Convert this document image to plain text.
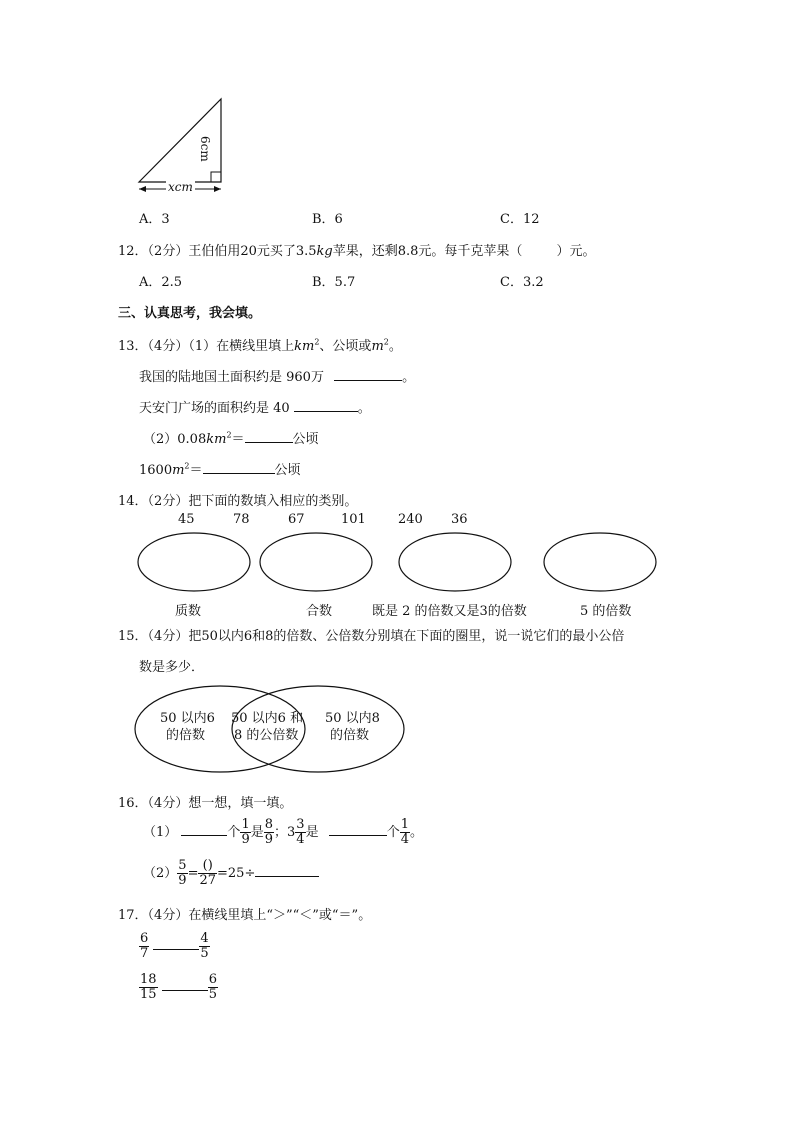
xcm
6cm
A．3	B．6	C．12
12．（2分）王伯伯用20元买了3.5kg苹果，还剩8.8元。每千克苹果（	）元。
A．2.5	B．5.7	C．3.2
三、认真思考，我会填。
13．（4分）（1）在横线里填上$km^2$、公顷或$m^2$。
我国的陆地国土面积约是 960万	。
天安门广场的面积约是 40	。
$(2)0.08km^2=$	公顷
$1600m^2=$	公顷
14．（2分）把下面的数填入相应的类别。
45	78	67	101 240 36
质数	合数	既是 2 的倍数又是3的倍数	5 的倍数
15．（4分）把50以内6和8的倍数、公倍数分别填在下面的圈里，说一说它们的最小公倍
数是多少．
50 以内6
的倍数
50 以内6 和
8 的公倍数
50 以内8
的倍数
16．（4分）想一想，填一填。
（1）	个 $\frac{1}{9}$ 是 $\frac{8}{9}$ ；$3 \frac{3}{4}$ 是	个 $\frac{1}{4}$ 。
$(2) \frac{5}{9} = \frac{()}{27} =25\div$
17．（4分）在横线里填上“＞”“＜”或“＝”。
$\frac{6}{7}$
	$\frac{4}{5}$
$\frac{18}{15}$
	$\frac{6}{5}$
